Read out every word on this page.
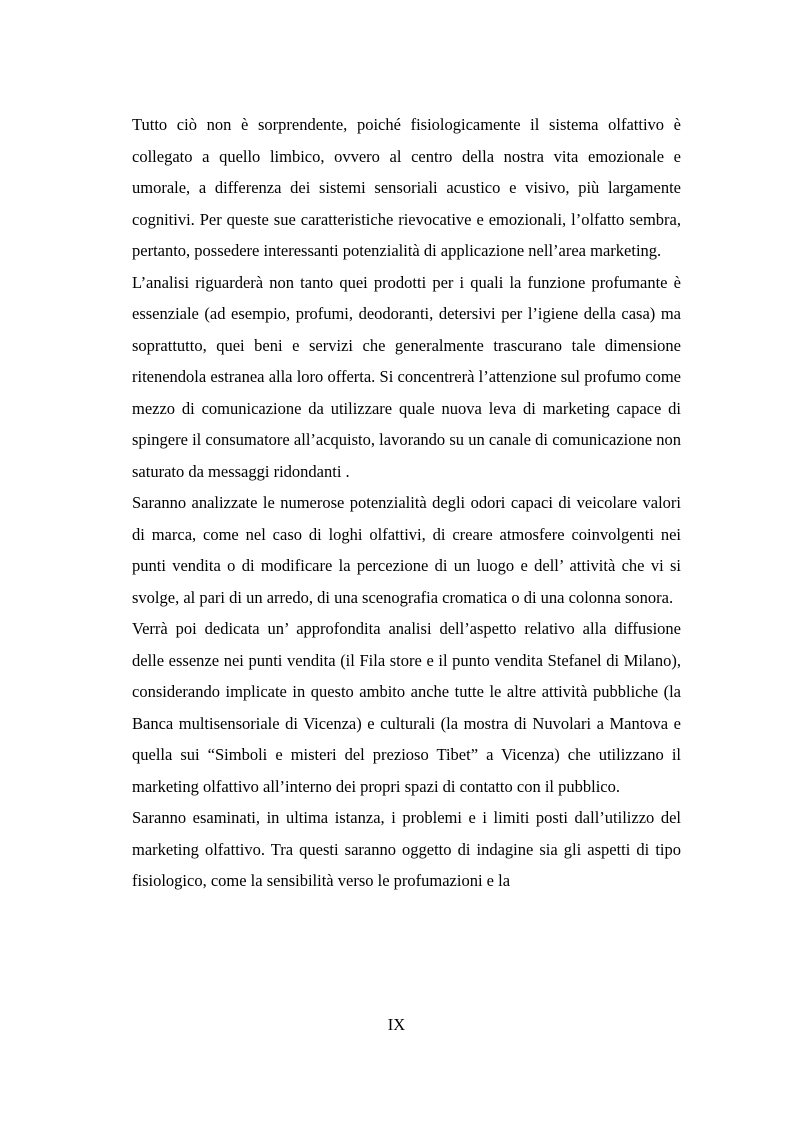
Tutto ciò non è sorprendente, poiché fisiologicamente il sistema olfattivo è collegato a quello limbico, ovvero al centro della nostra vita emozionale e umorale, a differenza dei sistemi sensoriali acustico e visivo, più largamente cognitivi. Per queste sue caratteristiche rievocative e emozionali, l’olfatto sembra, pertanto, possedere interessanti potenzialità di applicazione nell’area marketing.

L’analisi riguarderà non tanto quei prodotti per i quali la funzione profumante è essenziale (ad esempio, profumi, deodoranti, detersivi per l’igiene della casa) ma soprattutto, quei beni e servizi che generalmente trascurano tale dimensione ritenendola estranea alla loro offerta. Si concentrerà l’attenzione sul profumo come mezzo di comunicazione da utilizzare quale nuova leva di marketing capace di spingere il consumatore all’acquisto, lavorando su un canale di comunicazione non saturato da messaggi ridondanti .

Saranno analizzate le numerose potenzialità degli odori capaci di veicolare valori di marca, come nel caso di loghi olfattivi, di creare atmosfere coinvolgenti nei punti vendita o di modificare la percezione di un luogo e dell’ attività che vi si svolge, al pari di un arredo, di una scenografia cromatica o di una colonna sonora.

Verrà poi dedicata un’ approfondita analisi dell’aspetto relativo alla diffusione delle essenze nei punti vendita (il Fila store e il punto vendita Stefanel di Milano), considerando implicate in questo ambito anche tutte le altre attività pubbliche (la Banca multisensoriale di Vicenza) e culturali (la mostra di Nuvolari a Mantova e quella sui “Simboli e misteri del prezioso Tibet” a Vicenza) che utilizzano il marketing olfattivo all’interno dei propri spazi di contatto con il pubblico.

Saranno esaminati, in ultima istanza, i problemi e i limiti posti dall’utilizzo del marketing olfattivo. Tra questi saranno oggetto di indagine sia gli aspetti di tipo fisiologico, come la sensibilità verso le profumazioni e la

IX
